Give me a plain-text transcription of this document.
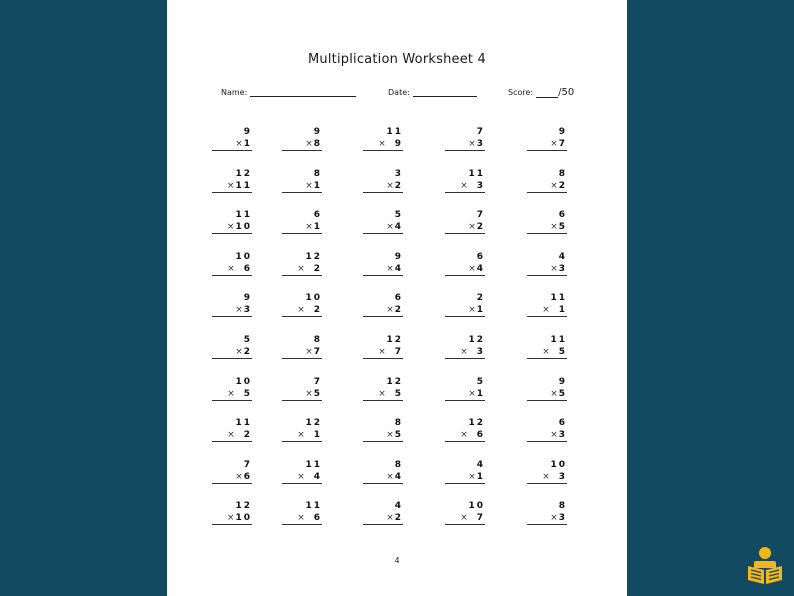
Multiplication Worksheet 4
Name:	Date:	Score:	/50
9
×1
9
×8
11
× 9
7
×3
9
×7
12
×11
8
×1
3
×2
11
× 3
8
×2
11
×10
6
×1
5
×4
7
×2
6
×5
10
× 6
12
× 2
9
×4
6
×4
4
×3
9
×3
10
× 2
6
×2
2
×1
11
× 1
5
×2
8
×7
12
× 7
12
× 3
11
× 5
10
× 5
7
×5
12
× 5
5
×1
9
×5
11
× 2
12
× 1
8
×5
12
× 6
6
×3
7
×6
11
× 4
8
×4
4
×1
10
× 3
12
×10
11
× 6
4
×2
10
× 7
8
×3
4
